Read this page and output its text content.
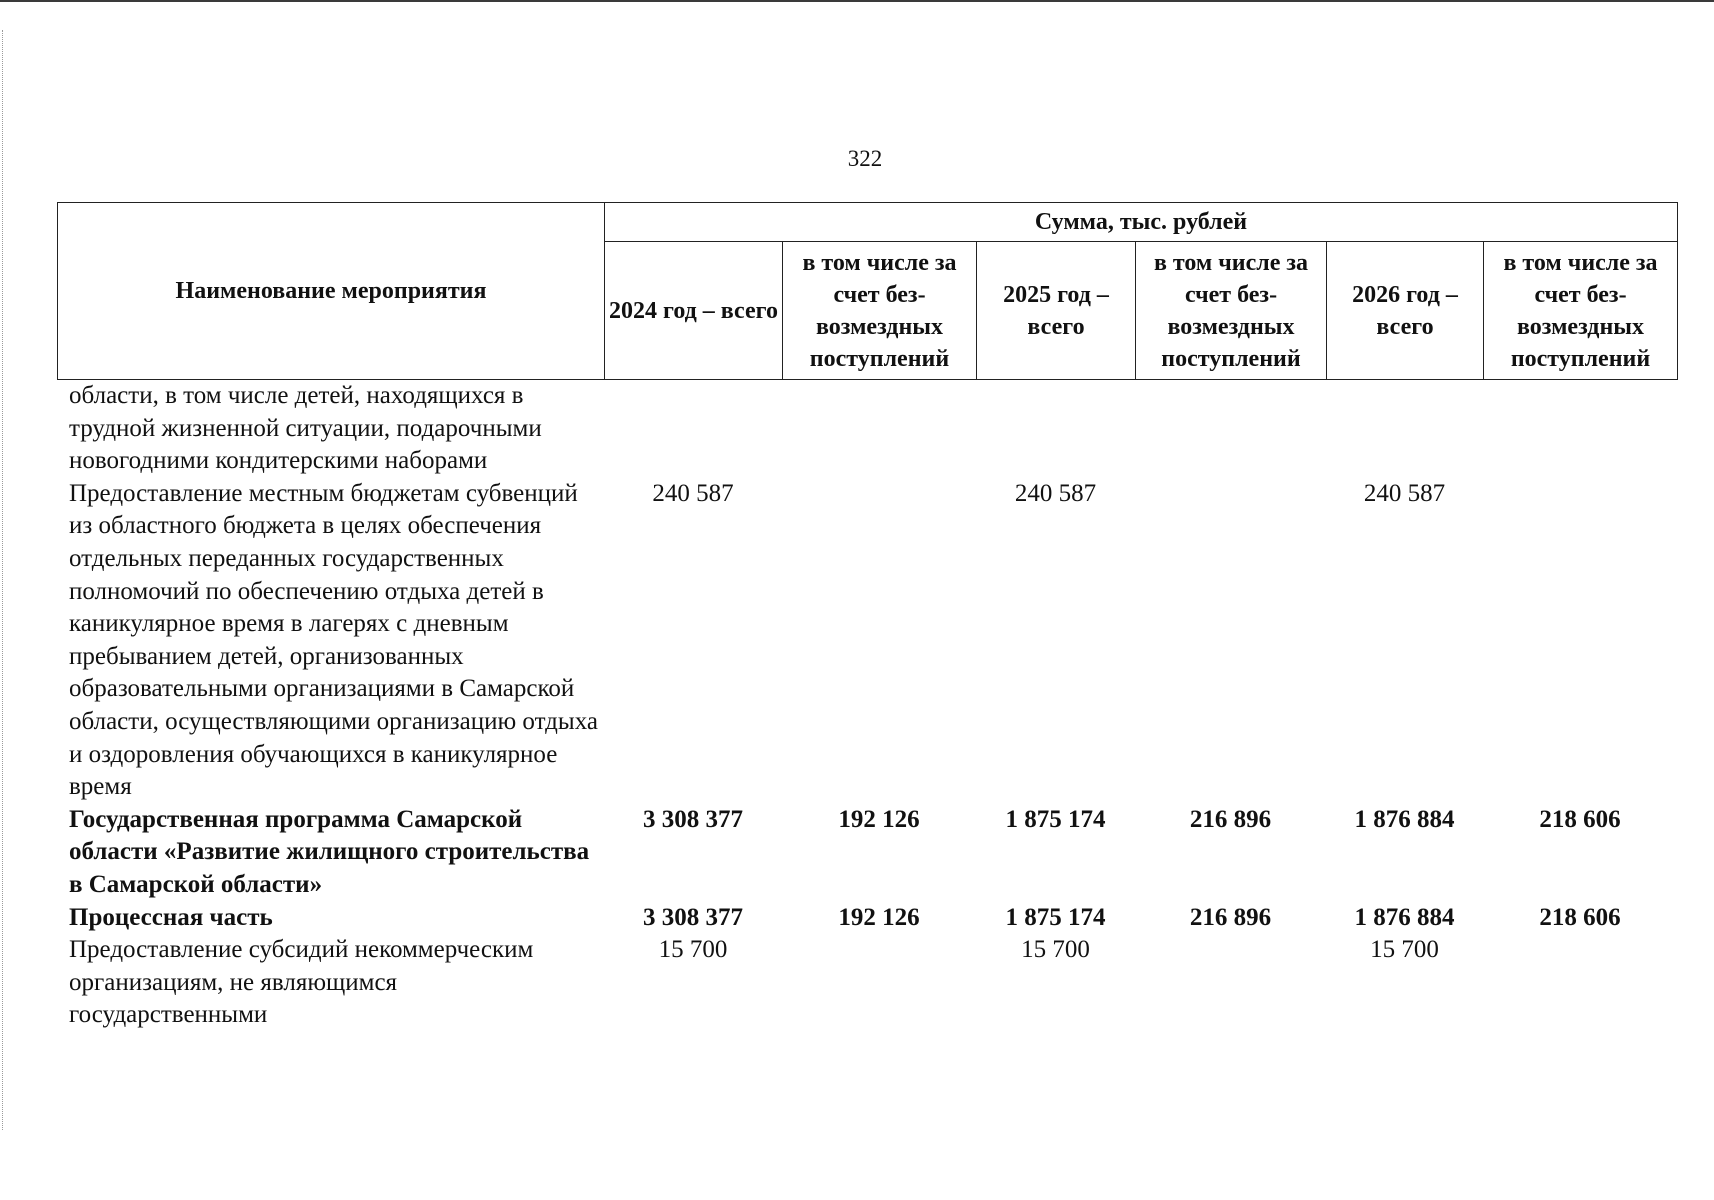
322
Наименование мероприятия	Сумма, тыс. рублей					
	2024 год – всего	в том числе за счет без-возмездных поступлений	2025 год – всего	в том числе за счет без-возмездных поступлений	2026 год – всего	в том числе за счет без-возмездных поступлений
области, в том числе детей, находящихся в трудной жизненной ситуации, подарочными новогодними кондитерскими наборами						
Предоставление местным бюджетам субвенций из областного бюджета в целях обеспечения отдельных переданных государственных полномочий по обеспечению отдыха детей в каникулярное время в лагерях с дневным пребыванием детей, организованных образовательными организациями в Самарской области, осуществляющими организацию отдыха и оздоровления обучающихся в каникулярное время	240 587		240 587		240 587	
Государственная программа Самарской области «Развитие жилищного строительства в Самарской области»	3 308 377	192 126	1 875 174	216 896	1 876 884	218 606
Процессная часть	3 308 377	192 126	1 875 174	216 896	1 876 884	218 606
Предоставление субсидий некоммерческим организациям, не являющимся государственными	15 700		15 700		15 700	
